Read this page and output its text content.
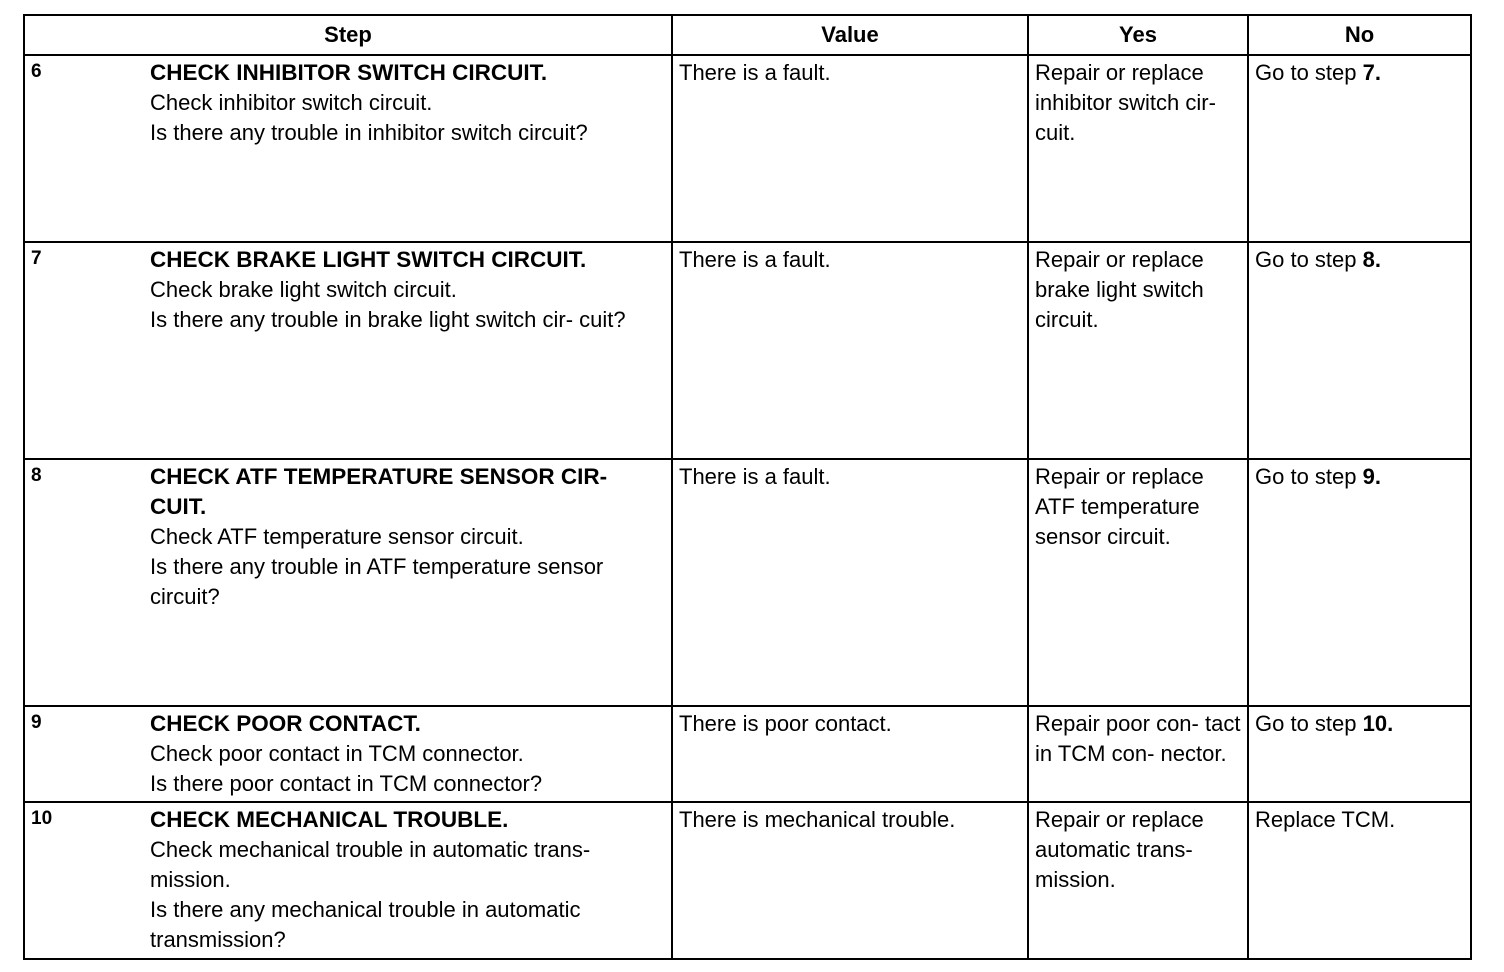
Step	Value	Yes	No

6 CHECK INHIBITOR SWITCH CIRCUIT.
Check inhibitor switch circuit.
Is there any trouble in inhibitor switch circuit?	There is a fault.	Repair or replace inhibitor switch cir- cuit.	Go to step 7.

7 CHECK BRAKE LIGHT SWITCH CIRCUIT.
Check brake light switch circuit.
Is there any trouble in brake light switch cir- cuit?	There is a fault.	Repair or replace brake light switch circuit.	Go to step 8.

8 CHECK ATF TEMPERATURE SENSOR CIR- CUIT.
Check ATF temperature sensor circuit.
Is there any trouble in ATF temperature sensor circuit?	There is a fault.	Repair or replace ATF temperature sensor circuit.	Go to step 9.

9 CHECK POOR CONTACT.
Check poor contact in TCM connector.
Is there poor contact in TCM connector?	There is poor contact.	Repair poor con- tact in TCM con- nector.	Go to step 10.

10 CHECK MECHANICAL TROUBLE.
Check mechanical trouble in automatic trans- mission.
Is there any mechanical trouble in automatic transmission?	There is mechanical trouble.	Repair or replace automatic trans- mission.	Replace TCM.
